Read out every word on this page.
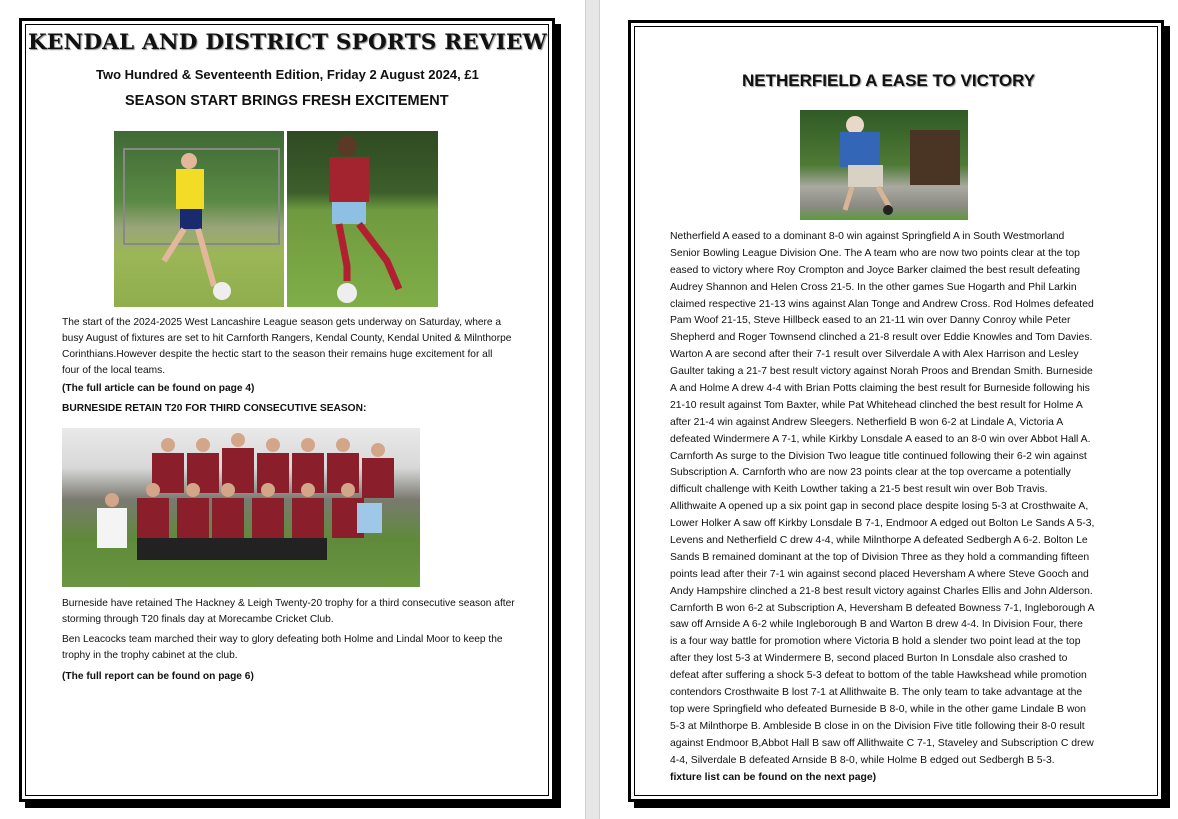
KENDAL AND DISTRICT SPORTS REVIEW
Two Hundred & Seventeenth Edition, Friday 2 August 2024, £1
SEASON START BRINGS FRESH EXCITEMENT
The start of the 2024-2025 West Lancashire League season gets underway on Saturday, where a
busy August of fixtures are set to hit Carnforth Rangers, Kendal County, Kendal United & Milnthorpe
Corinthians.However despite the hectic start to the season their remains huge excitement for all
four of the local teams.
(The full article can be found on page 4)
BURNESIDE RETAIN T20 FOR THIRD CONSECUTIVE SEASON:
Burneside have retained The Hackney & Leigh Twenty-20 trophy for a third consecutive season after
storming through T20 finals day at Morecambe Cricket Club.
Ben Leacocks team marched their way to glory defeating both Holme and Lindal Moor to keep the
trophy in the trophy cabinet at the club.
(The full report can be found on page 6)
NETHERFIELD A EASE TO VICTORY
Netherfield A eased to a dominant 8-0 win against Springfield A in South Westmorland
Senior Bowling League Division One. The A team who are now two points clear at the top
eased to victory where Roy Crompton and Joyce Barker claimed the best result defeating
Audrey Shannon and Helen Cross 21-5. In the other games Sue Hogarth and Phil Larkin
claimed respective 21-13 wins against Alan Tonge and Andrew Cross. Rod Holmes defeated
Pam Woof 21-15, Steve Hillbeck eased to an 21-11 win over Danny Conroy while Peter
Shepherd and Roger Townsend clinched a 21-8 result over Eddie Knowles and Tom Davies.
Warton A are second after their 7-1 result over Silverdale A with Alex Harrison and Lesley
Gaulter taking a 21-7 best result victory against Norah Proos and Brendan Smith. Burneside
A and Holme A drew 4-4 with Brian Potts claiming the best result for Burneside following his
21-10 result against Tom Baxter, while Pat Whitehead clinched the best result for Holme A
after 21-4 win against Andrew Sleegers. Netherfield B won 6-2 at Lindale A, Victoria A
defeated Windermere A 7-1, while Kirkby Lonsdale A eased to an 8-0 win over Abbot Hall A.
Carnforth As surge to the Division Two league title continued following their 6-2 win against
Subscription A. Carnforth who are now 23 points clear at the top overcame a potentially
difficult challenge with Keith Lowther taking a 21-5 best result win over Bob Travis.
Allithwaite A opened up a six point gap in second place despite losing 5-3 at Crosthwaite A,
Lower Holker A saw off Kirkby Lonsdale B 7-1, Endmoor A edged out Bolton Le Sands A 5-3,
Levens and Netherfield C drew 4-4, while Milnthorpe A defeated Sedbergh A 6-2. Bolton Le
Sands B remained dominant at the top of Division Three as they hold a commanding fifteen
points lead after their 7-1 win against second placed Heversham A where Steve Gooch and
Andy Hampshire clinched a 21-8 best result victory against Charles Ellis and John Alderson.
Carnforth B won 6-2 at Subscription A, Heversham B defeated Bowness 7-1, Ingleborough A
saw off Arnside A 6-2 while Ingleborough B and Warton B drew 4-4. In Division Four, there
is a four way battle for promotion where Victoria B hold a slender two point lead at the top
after they lost 5-3 at Windermere B, second placed Burton In Lonsdale also crashed to
defeat after suffering a shock 5-3 defeat to bottom of the table Hawkshead while promotion
contendors Crosthwaite B lost 7-1 at Allithwaite B. The only team to take advantage at the
top were Springfield who defeated Burneside B 8-0, while in the other game Lindale B won
5-3 at Milnthorpe B. Ambleside B close in on the Division Five title following their 8-0 result
against Endmoor B,Abbot Hall B saw off Allithwaite C 7-1, Staveley and Subscription C drew
4-4, Silverdale B defeated Arnside B 8-0, while Holme B edged out Sedbergh B 5-3.
fixture list can be found on the next page)
